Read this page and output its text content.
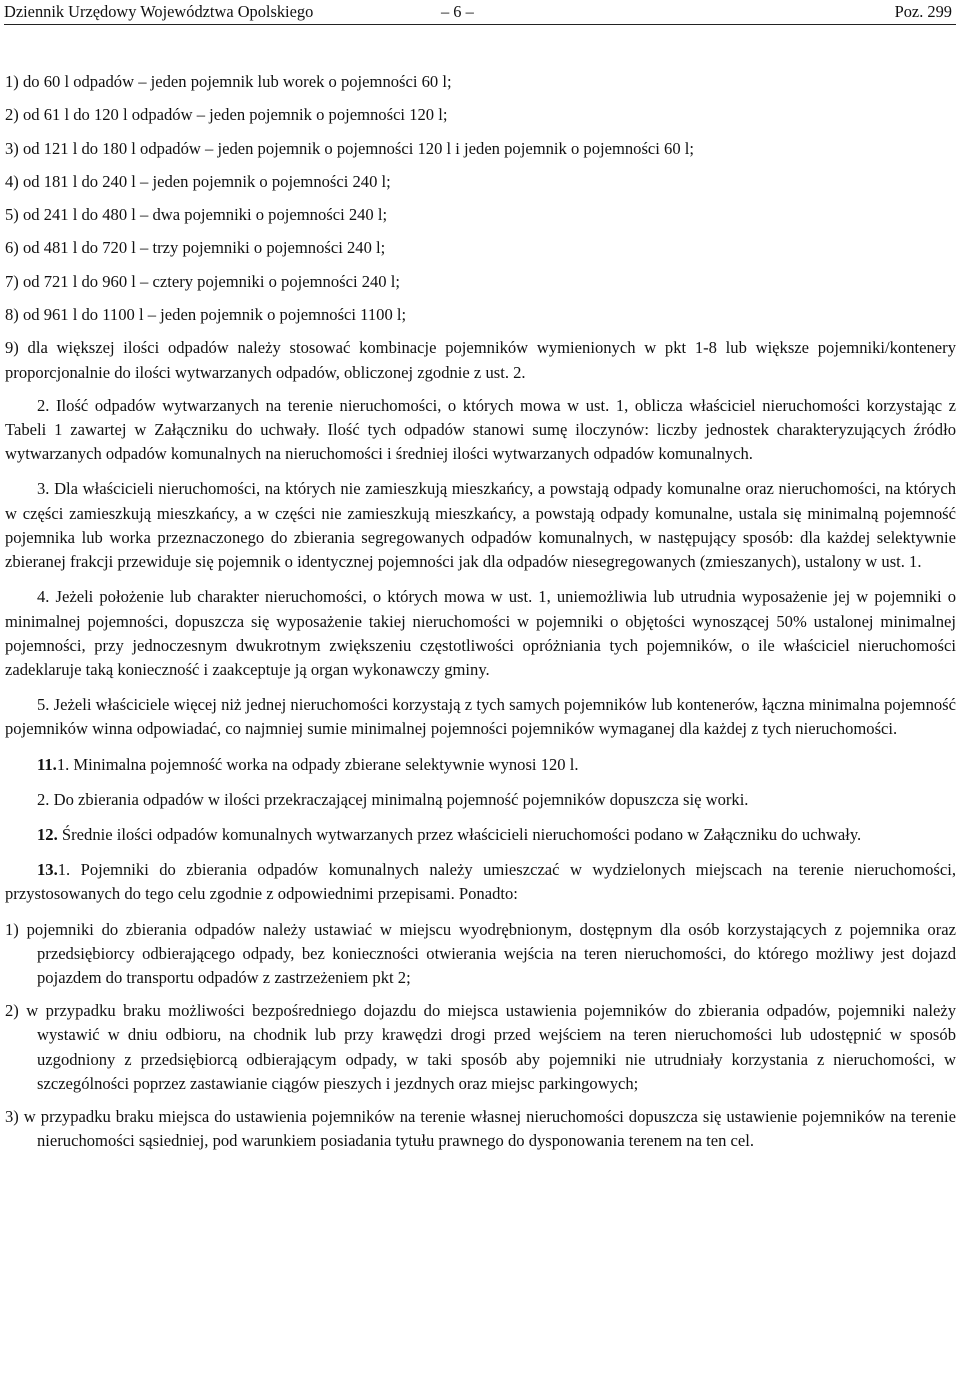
Dziennik Urzędowy Województwa Opolskiego	– 6 –	Poz. 299

1) do 60 l odpadów – jeden pojemnik lub worek o pojemności 60 l;

2) od 61 l do 120 l odpadów – jeden pojemnik o pojemności 120 l;

3) od 121 l do 180 l odpadów – jeden pojemnik o pojemności 120 l i jeden pojemnik o pojemności 60 l;

4) od 181 l do 240 l – jeden pojemnik o pojemności 240 l;

5) od 241 l do 480 l – dwa pojemniki o pojemności 240 l;

6) od 481 l do 720 l – trzy pojemniki o pojemności 240 l;

7) od 721 l do 960 l – cztery pojemniki o pojemności 240 l;

8) od 961 l do 1100 l – jeden pojemnik o pojemności 1100 l;

9) dla większej ilości odpadów należy stosować kombinacje pojemników wymienionych w pkt 1-8 lub większe pojemniki/kontenery proporcjonalnie do ilości wytwarzanych odpadów, obliczonej zgodnie z ust. 2.

2. Ilość odpadów wytwarzanych na terenie nieruchomości, o których mowa w ust. 1, oblicza właściciel nieruchomości korzystając z Tabeli 1 zawartej w Załączniku do uchwały. Ilość tych odpadów stanowi sumę iloczynów: liczby jednostek charakteryzujących źródło wytwarzanych odpadów komunalnych na nieruchomości i średniej ilości wytwarzanych odpadów komunalnych.

3. Dla właścicieli nieruchomości, na których nie zamieszkują mieszkańcy, a powstają odpady komunalne oraz nieruchomości, na których w części zamieszkują mieszkańcy, a w części nie zamieszkują mieszkańcy, a powstają odpady komunalne, ustala się minimalną pojemność pojemnika lub worka przeznaczonego do zbierania segregowanych odpadów komunalnych, w następujący sposób: dla każdej selektywnie zbieranej frakcji przewiduje się pojemnik o identycznej pojemności jak dla odpadów niesegregowanych (zmieszanych), ustalony w ust. 1.

4. Jeżeli położenie lub charakter nieruchomości, o których mowa w ust. 1, uniemożliwia lub utrudnia wyposażenie jej w pojemniki o minimalnej pojemności, dopuszcza się wyposażenie takiej nieruchomości w pojemniki o objętości wynoszącej 50% ustalonej minimalnej pojemności, przy jednoczesnym dwukrotnym zwiększeniu częstotliwości opróżniania tych pojemników, o ile właściciel nieruchomości zadeklaruje taką konieczność i zaakceptuje ją organ wykonawczy gminy.

5. Jeżeli właściciele więcej niż jednej nieruchomości korzystają z tych samych pojemników lub kontenerów, łączna minimalna pojemność pojemników winna odpowiadać, co najmniej sumie minimalnej pojemności pojemników wymaganej dla każdej z tych nieruchomości.

11.1. Minimalna pojemność worka na odpady zbierane selektywnie wynosi 120 l.

2. Do zbierania odpadów w ilości przekraczającej minimalną pojemność pojemników dopuszcza się worki.

12. Średnie ilości odpadów komunalnych wytwarzanych przez właścicieli nieruchomości podano w Załączniku do uchwały.

13.1. Pojemniki do zbierania odpadów komunalnych należy umieszczać w wydzielonych miejscach na terenie nieruchomości, przystosowanych do tego celu zgodnie z odpowiednimi przepisami. Ponadto:

1) pojemniki do zbierania odpadów należy ustawiać w miejscu wyodrębnionym, dostępnym dla osób korzystających z pojemnika oraz przedsiębiorcy odbierającego odpady, bez konieczności otwierania wejścia na teren nieruchomości, do którego możliwy jest dojazd pojazdem do transportu odpadów z zastrzeżeniem pkt 2;

2) w przypadku braku możliwości bezpośredniego dojazdu do miejsca ustawienia pojemników do zbierania odpadów, pojemniki należy wystawić w dniu odbioru, na chodnik lub przy krawędzi drogi przed wejściem na teren nieruchomości lub udostępnić w sposób uzgodniony z przedsiębiorcą odbierającym odpady, w taki sposób aby pojemniki nie utrudniały korzystania z nieruchomości, w szczególności poprzez zastawianie ciągów pieszych i jezdnych oraz miejsc parkingowych;

3) w przypadku braku miejsca do ustawienia pojemników na terenie własnej nieruchomości dopuszcza się ustawienie pojemników na terenie nieruchomości sąsiedniej, pod warunkiem posiadania tytułu prawnego do dysponowania terenem na ten cel.
